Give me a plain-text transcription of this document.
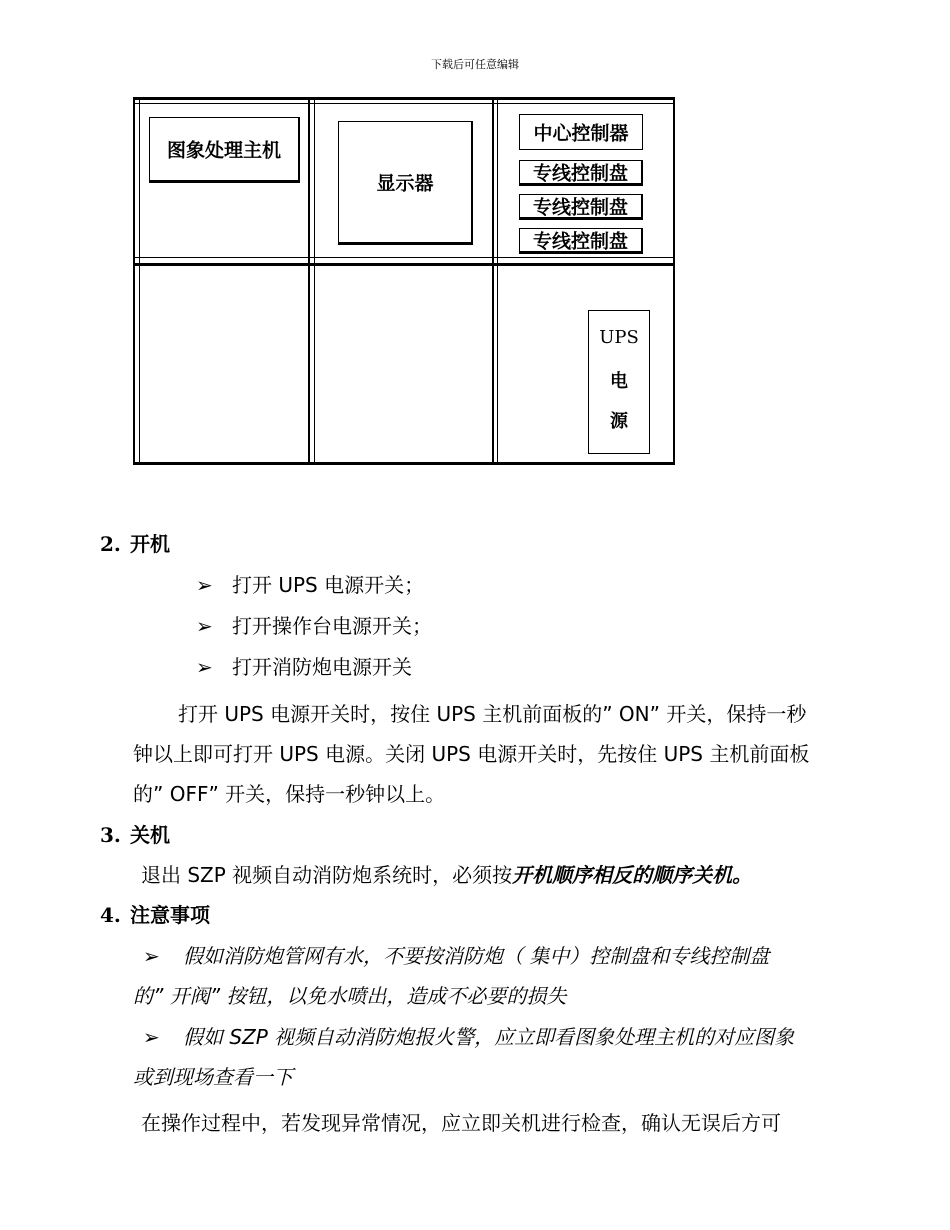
下载后可任意编辑
图象处理主机
显示器
中心控制器
专线控制盘
专线控制盘
专线控制盘
UPS
电
源
2. 开机
➢ 打开 UPS 电源开关；
➢ 打开操作台电源开关；
➢ 打开消防炮电源开关
打开 UPS 电源开关时，按住 UPS 主机前面板的” ON” 开关，保持一秒
钟以上即可打开 UPS 电源。关闭 UPS 电源开关时，先按住 UPS 主机前面板
的” OFF” 开关，保持一秒钟以上。
3. 关机
退出 SZP 视频自动消防炮系统时，必须按开机顺序相反的顺序关机。
4. 注意事项
➢ 假如消防炮管网有水，不要按消防炮（ 集中）控制盘和专线控制盘
的” 开阀” 按钮，以免水喷出，造成不必要的损失
➢ 假如 SZP 视频自动消防炮报火警，应立即看图象处理主机的对应图象
或到现场查看一下
在操作过程中，若发现异常情况，应立即关机进行检查，确认无误后方可
